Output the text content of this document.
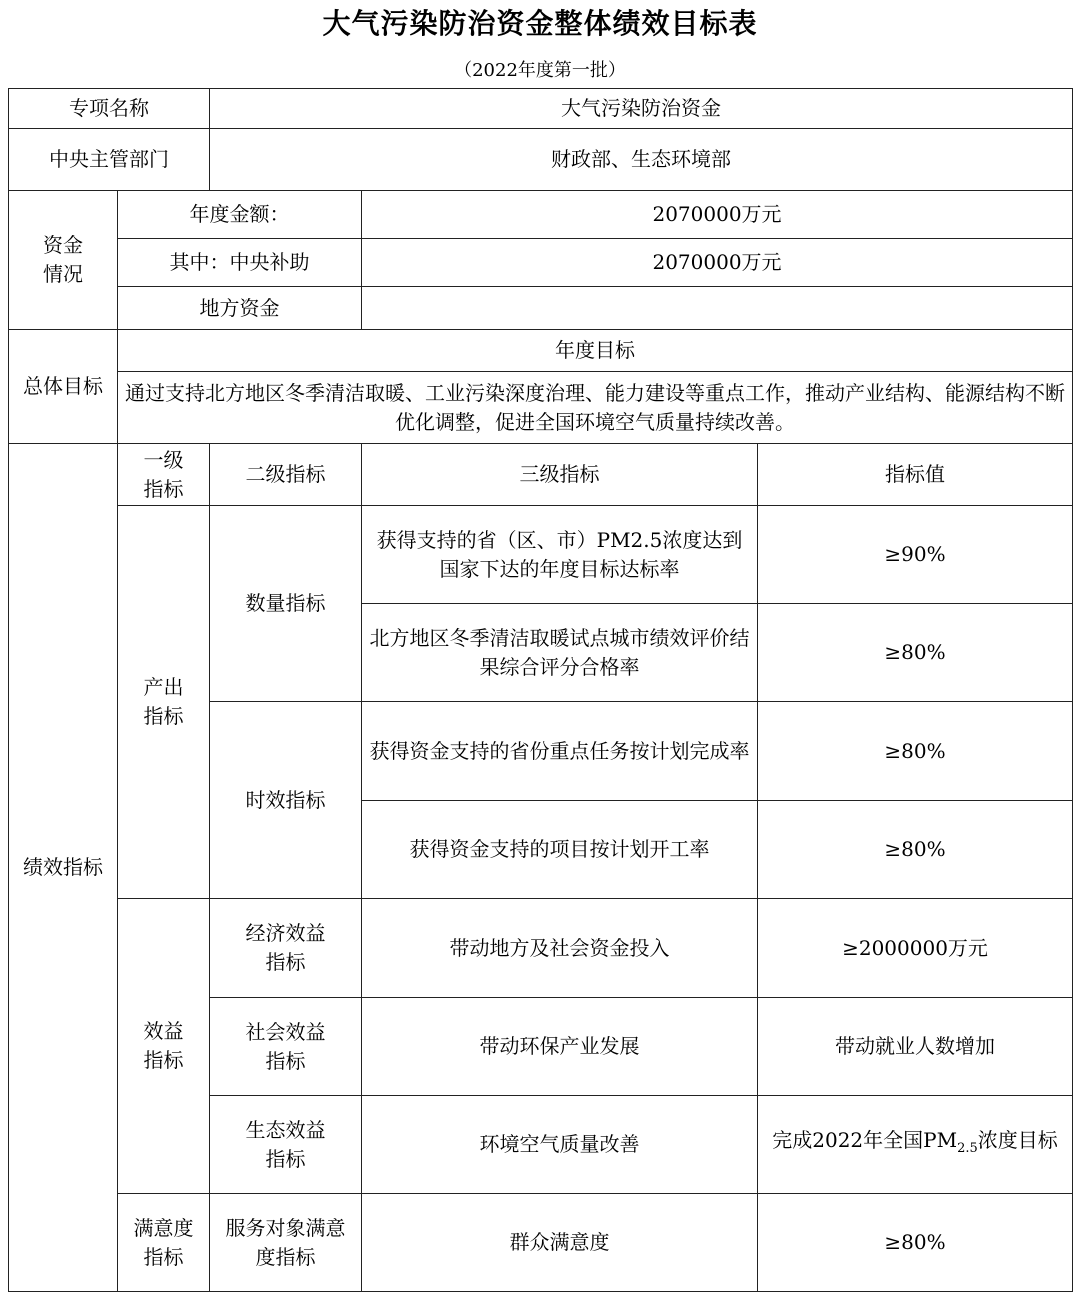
大气污染防治资金整体绩效目标表
（2022年度第一批）
专项名称		大气污染防治资金		
中央主管部门		财政部、生态环境部		

资金情况	年度金额：		2070000万元	
	其中：中央补助		2070000万元	
	地方资金			
总体目标	年度目标			
	通过支持北方地区冬季清洁取暖、工业污染深度治理、能力建设等重点工作，推动产业结构、能源结构不断优化调整，促进全国环境空气质量持续改善。			
绩效指标	一级指标	二级指标	三级指标	指标值

	产出指标	数量指标	获得支持的省（区、市）PM2.5浓度达到国家下达的年度目标达标率	≥90%
			北方地区冬季清洁取暖试点城市绩效评价结果综合评分合格率	≥80%
		时效指标	获得资金支持的省份重点任务按计划完成率	≥80%
			获得资金支持的项目按计划开工率	≥80%

	效益指标	经济效益指标	带动地方及社会资金投入	≥2000000万元

		社会效益指标	带动环保产业发展	带动就业人数增加

		生态效益指标	环境空气质量改善	完成2022年全国$PM_{2.5}$浓度目标

	满意度指标	服务对象满意度指标	群众满意度	≥80%
